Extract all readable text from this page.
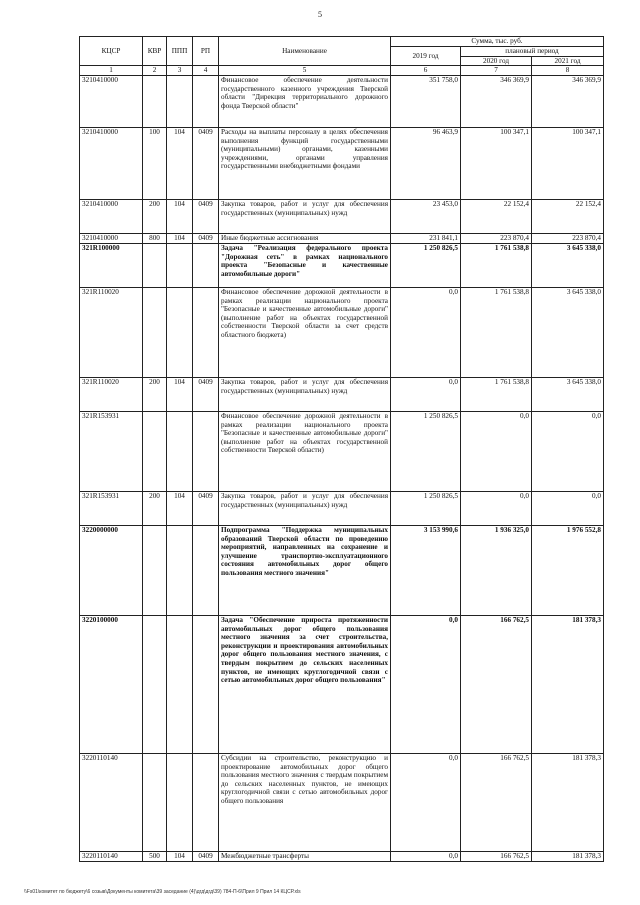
5
КЦСР	КВР	ППП	РП	Наименование	Сумма, тыс. руб.		
					2019 год	плановый период	
						2020 год	2021 год
1	2	3	4	5	6	7	8
3210410000				Финансовое обеспечение деятельности государственного казенного учреждения Тверской области "Дирекция территориального дорожного фонда Тверской области"	351 758,0	346 369,9	346 369,9
3210410000	100	104	0409	Расходы на выплаты персоналу в целях обеспечения выполнения функций государственными (муниципальными) органами, казенными учреждениями, органами управления государственными внебюджетными фондами	96 463,9	100 347,1	100 347,1
3210410000	200	104	0409	Закупка товаров, работ и услуг для обеспечения государственных (муниципальных) нужд	23 453,0	22 152,4	22 152,4
3210410000	800	104	0409	Иные бюджетные ассигнования	231 841,1	223 870,4	223 870,4
321R100000				Задача "Реализация федерального проекта "Дорожная сеть" в рамках национального проекта "Безопасные и качественные автомобильные дороги"	1 250 826,5	1 761 538,8	3 645 338,0
321R110020				Финансовое обеспечение дорожной деятельности в рамках реализации национального проекта "Безопасные и качественные автомобильные дороги" (выполнение работ на объектах государственной собственности Тверской области за счет средств областного бюджета)	0,0	1 761 538,8	3 645 338,0
321R110020	200	104	0409	Закупка товаров, работ и услуг для обеспечения государственных (муниципальных) нужд	0,0	1 761 538,8	3 645 338,0
321R153931				Финансовое обеспечение дорожной деятельности в рамках реализации национального проекта "Безопасные и качественные автомобильные дороги" (выполнение работ на объектах государственной собственности Тверской области)	1 250 826,5	0,0	0,0
321R153931	200	104	0409	Закупка товаров, работ и услуг для обеспечения государственных (муниципальных) нужд	1 250 826,5	0,0	0,0
3220000000				Подпрограмма "Поддержка муниципальных образований Тверской области по проведению мероприятий, направленных на сохранение и улучшение транспортно-эксплуатационного состояния автомобильных дорог общего пользования местного значения"	3 153 990,6	1 936 325,0	1 976 552,8
3220100000				Задача "Обеспечение прироста протяженности автомобильных дорог общего пользования местного значения за счет строительства, реконструкции и проектирования автомобильных дорог общего пользования местного значения, с твердым покрытием до сельских населенных пунктов, не имеющих круглогодичной связи с сетью автомобильных дорог общего пользования"	0,0	166 762,5	181 378,3
3220110140				Субсидии на строительство, реконструкцию и проектирование автомобильных дорог общего пользования местного значения с твердым покрытием до сельских населенных пунктов, не имеющих круглогодичной связи с сетью автомобильных дорог общего пользования	0,0	166 762,5	181 378,3
3220110140	500	104	0409	Межбюджетные трансферты	0,0	166 762,5	181 378,3
\\Fs01\комитет по бюджету\6 созыв\Документы комитета\39 заседание (4)\дгд\дгд\39) 784-П-6\Прил 9 Прил 14 КЦСР.xls
